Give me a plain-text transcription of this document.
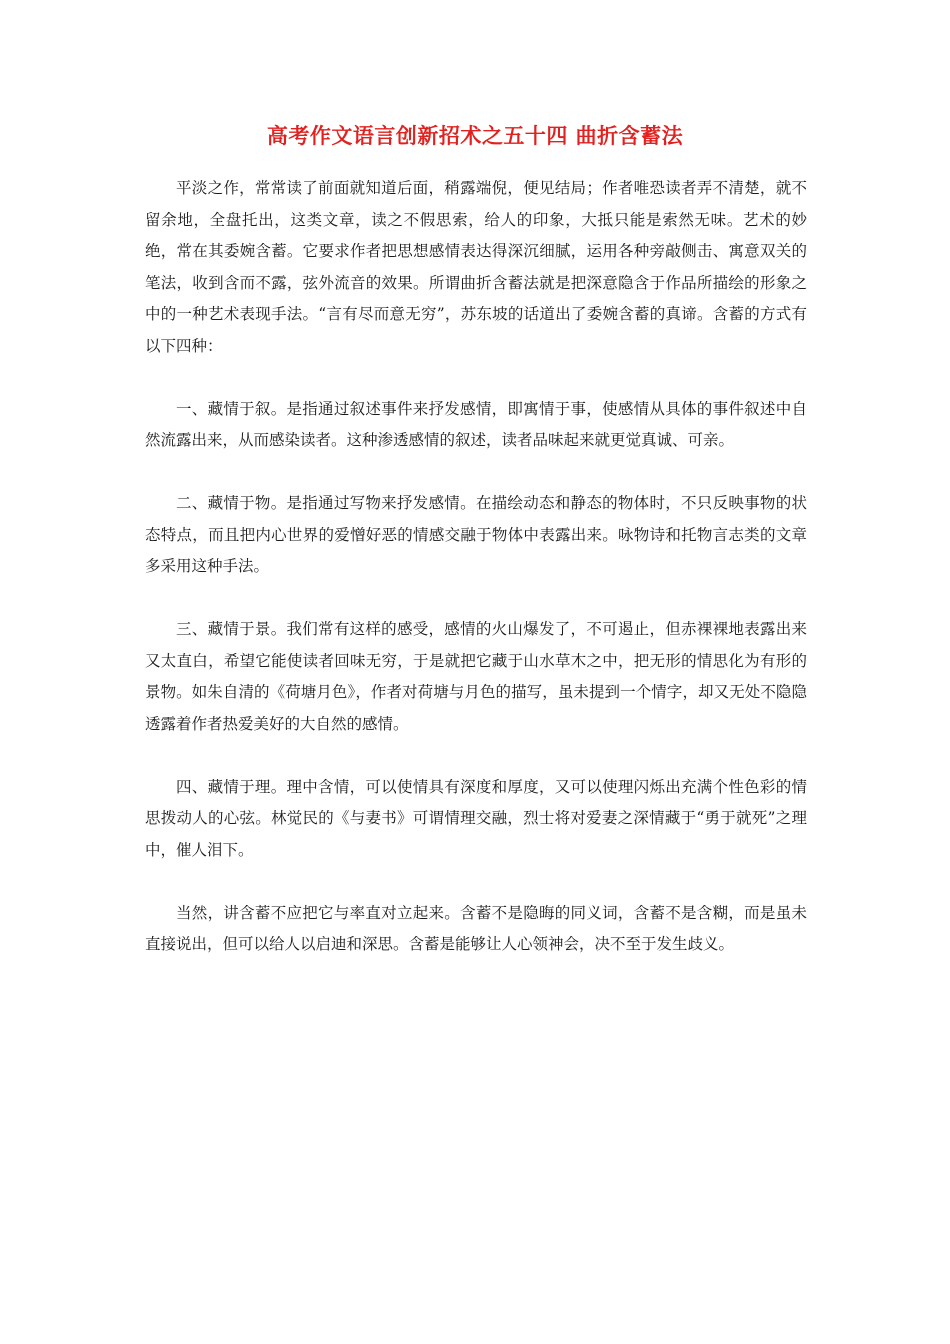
高考作文语言创新招术之五十四 曲折含蓄法

平淡之作，常常读了前面就知道后面，稍露端倪，便见结局；作者唯恐读者弄不清楚，就不留余地，全盘托出，这类文章，读之不假思索，给人的印象，大抵只能是索然无味。艺术的妙绝，常在其委婉含蓄。它要求作者把思想感情表达得深沉细腻，运用各种旁敲侧击、寓意双关的笔法，收到含而不露，弦外流音的效果。所谓曲折含蓄法就是把深意隐含于作品所描绘的形象之中的一种艺术表现手法。“言有尽而意无穷”，苏东坡的话道出了委婉含蓄的真谛。含蓄的方式有以下四种：

一、藏情于叙。是指通过叙述事件来抒发感情，即寓情于事，使感情从具体的事件叙述中自然流露出来，从而感染读者。这种渗透感情的叙述，读者品味起来就更觉真诚、可亲。

二、藏情于物。是指通过写物来抒发感情。在描绘动态和静态的物体时，不只反映事物的状态特点，而且把内心世界的爱憎好恶的情感交融于物体中表露出来。咏物诗和托物言志类的文章多采用这种手法。

三、藏情于景。我们常有这样的感受，感情的火山爆发了，不可遏止，但赤裸裸地表露出来又太直白，希望它能使读者回味无穷，于是就把它藏于山水草木之中，把无形的情思化为有形的景物。如朱自清的《荷塘月色》，作者对荷塘与月色的描写，虽未提到一个情字，却又无处不隐隐透露着作者热爱美好的大自然的感情。

四、藏情于理。理中含情，可以使情具有深度和厚度，又可以使理闪烁出充满个性色彩的情思拨动人的心弦。林觉民的《与妻书》可谓情理交融，烈士将对爱妻之深情藏于“勇于就死”之理中，催人泪下。

当然，讲含蓄不应把它与率直对立起来。含蓄不是隐晦的同义词，含蓄不是含糊，而是虽未直接说出，但可以给人以启迪和深思。含蓄是能够让人心领神会，决不至于发生歧义。
